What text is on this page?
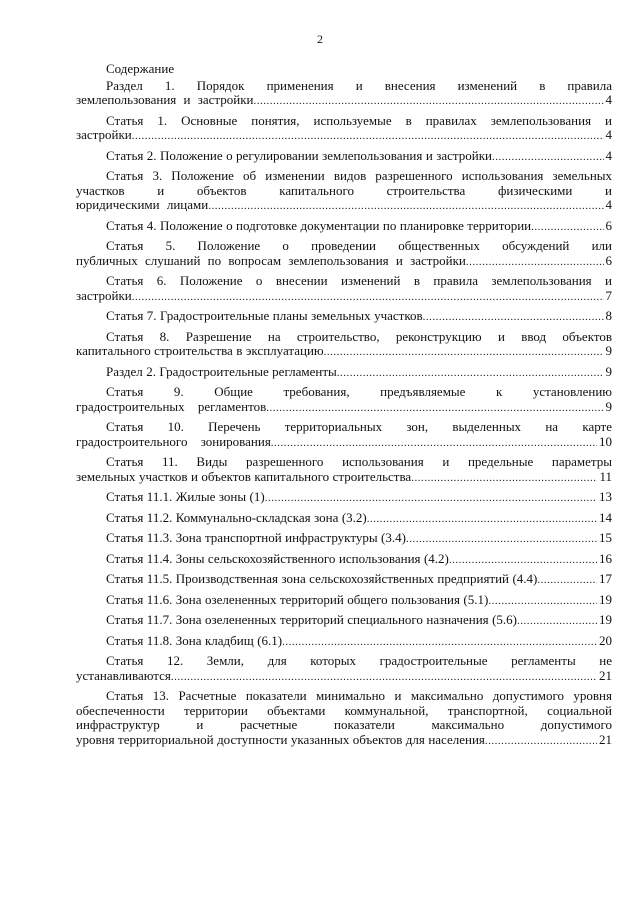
2
Содержание
Раздел 1. Порядок применения и внесения изменений в правила
землепользования и застройки .....	4
Статья 1. Основные понятия, используемые в правилах землепользования и
застройки .....	4
Статья 2. Положение о регулировании землепользования и застройки .....	4
Статья 3. Положение об изменении видов разрешенного использования земельных участков и объектов капитального строительства физическими и
юридическими лицами .....	4
Статья 4. Положение о подготовке документации по планировке территории .....	6
Статья 5. Положение о проведении общественных обсуждений или
публичных слушаний по вопросам землепользования и застройки .....	6
Статья 6. Положение о внесении изменений в правила землепользования и
застройки .....	7
Статья 7. Градостроительные планы земельных участков .....	8
Статья 8. Разрешение на строительство, реконструкцию и ввод объектов
капитального строительства в эксплуатацию .....	9
Раздел 2. Градостроительные регламенты .....	9
Статья 9. Общие требования, предъявляемые к установлению
градостроительных регламентов .....	9
Статья 10. Перечень территориальных зон, выделенных на карте
градостроительного зонирования .....	10
Статья 11. Виды разрешенного использования и предельные параметры
земельных участков и объектов капитального строительства .....	11
Статья 11.1. Жилые зоны (1) .....	13
Статья 11.2. Коммунально-складская зона (3.2) .....	14
Статья 11.3. Зона транспортной инфраструктуры (3.4) .....	15
Статья 11.4. Зоны сельскохозяйственного использования (4.2) .....	16
Статья 11.5. Производственная зона сельскохозяйственных предприятий (4.4) .....	17
Статья 11.6. Зона озелененных территорий общего пользования (5.1) .....	19
Статья 11.7. Зона озелененных территорий специального назначения (5.6) .....	19
Статья 11.8. Зона кладбищ (6.1) .....	20
Статья 12. Земли, для которых градостроительные регламенты не
устанавливаются .....	21
Статья 13. Расчетные показатели минимально и максимально допустимого уровня обеспеченности территории объектами коммунальной, транспортной, социальной инфраструктур и расчетные показатели максимально допустимого
уровня территориальной доступности указанных объектов для населения .....	21
